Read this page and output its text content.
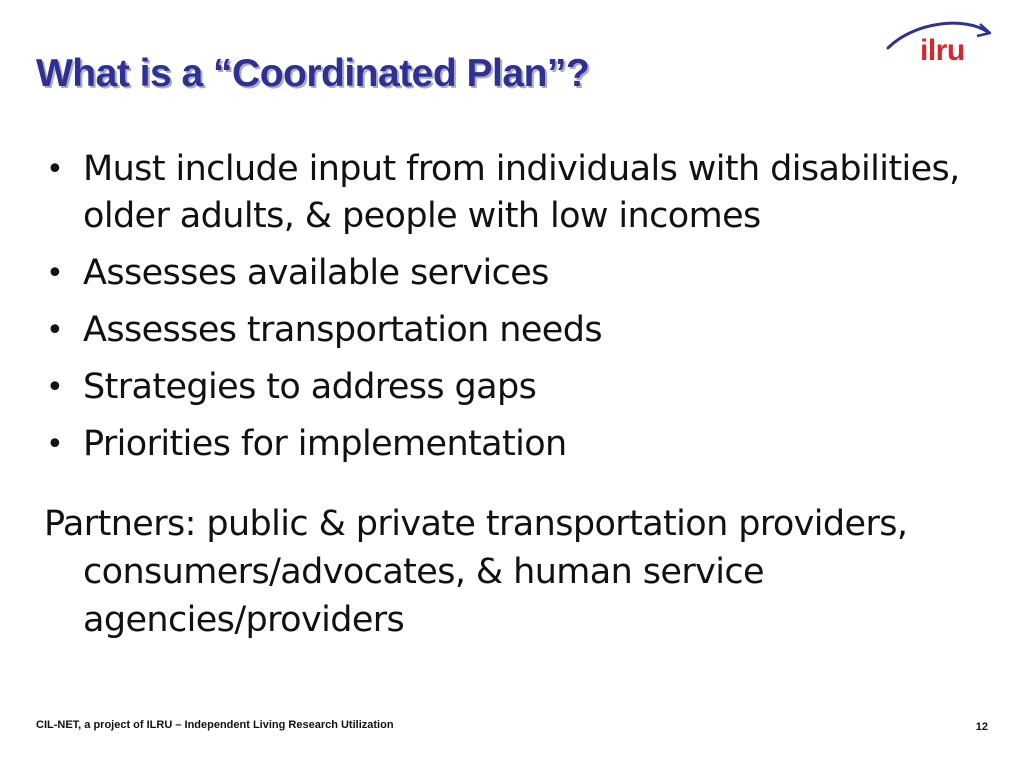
What is a “Coordinated Plan”?
ilru
• Must include input from individuals with disabilities, older adults, & people with low incomes
• Assesses available services
• Assesses transportation needs
• Strategies to address gaps
• Priorities for implementation

Partners: public & private transportation providers, consumers/advocates, & human service agencies/providers

CIL-NET, a project of ILRU – Independent Living Research Utilization	12
